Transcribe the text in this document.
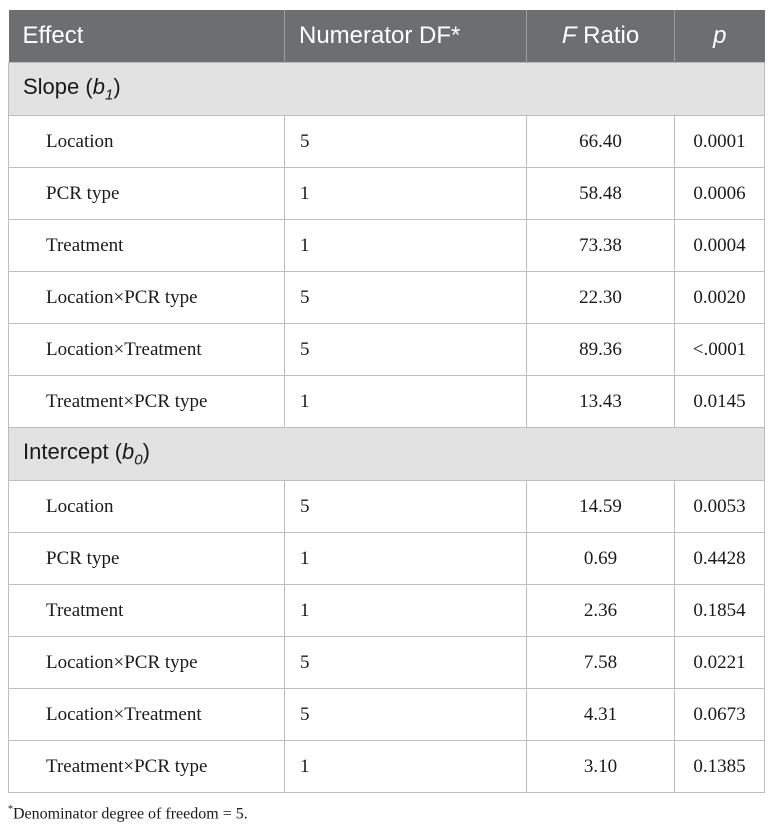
Effect	Numerator DF*	F Ratio	p
Slope $(b_1)$			
Location	5	66.40	0.0001
PCR type	1	58.48	0.0006
Treatment	1	73.38	0.0004
Location×PCR type	5	22.30	0.0020
Location×Treatment	5	89.36	<.0001
Treatment×PCR type	1	13.43	0.0145
Intercept $(b_0)$			
Location	5	14.59	0.0053
PCR type	1	0.69	0.4428
Treatment	1	2.36	0.1854
Location×PCR type	5	7.58	0.0221
Location×Treatment	5	4.31	0.0673
Treatment×PCR type	1	3.10	0.1385
*Denominator degree of freedom = 5.
